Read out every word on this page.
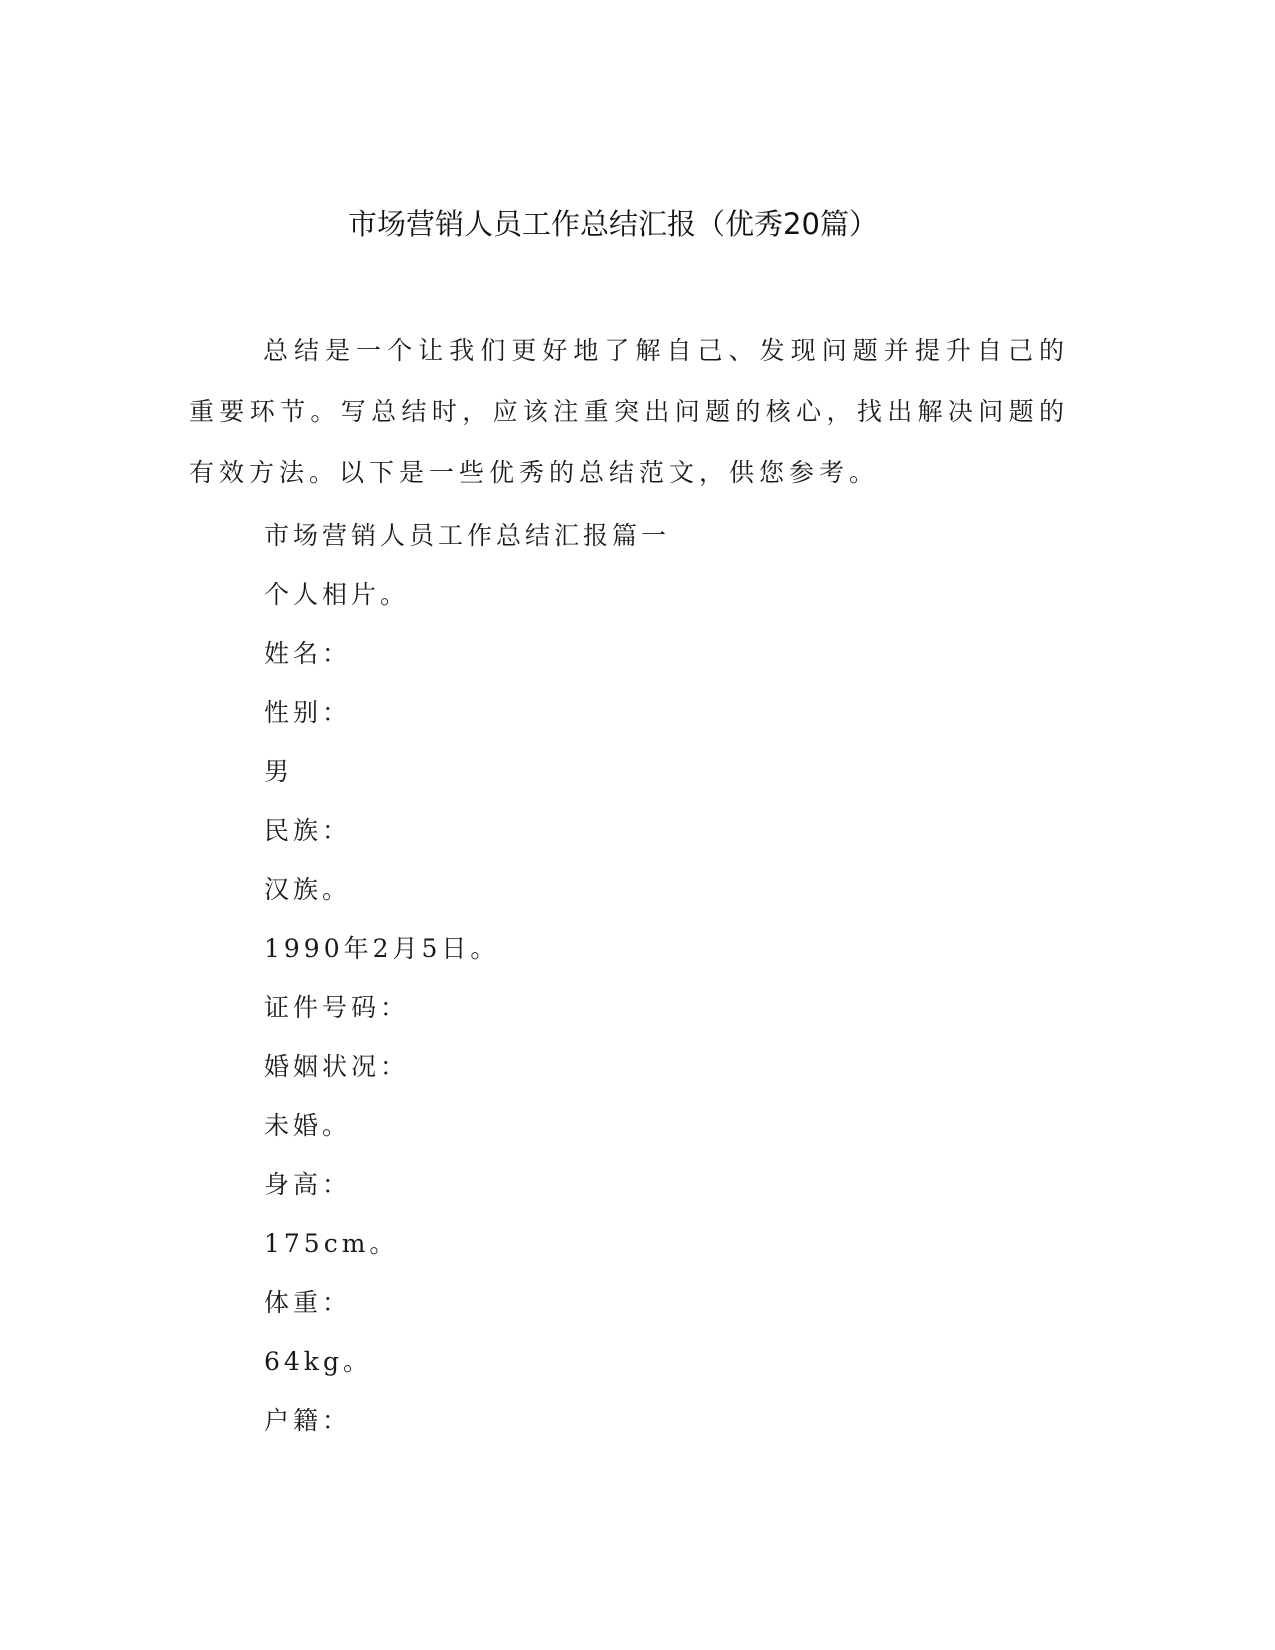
市场营销人员工作总结汇报（优秀20篇）

总结是一个让我们更好地了解自己、发现问题并提升自己的重要环节。写总结时，应该注重突出问题的核心，找出解决问题的有效方法。以下是一些优秀的总结范文，供您参考。

市场营销人员工作总结汇报篇一

个人相片。

姓名：

性别：

男

民族：

汉族。

1990年2月5日。

证件号码：

婚姻状况：

未婚。

身高：

175cm。

体重：

64kg。

户籍：
